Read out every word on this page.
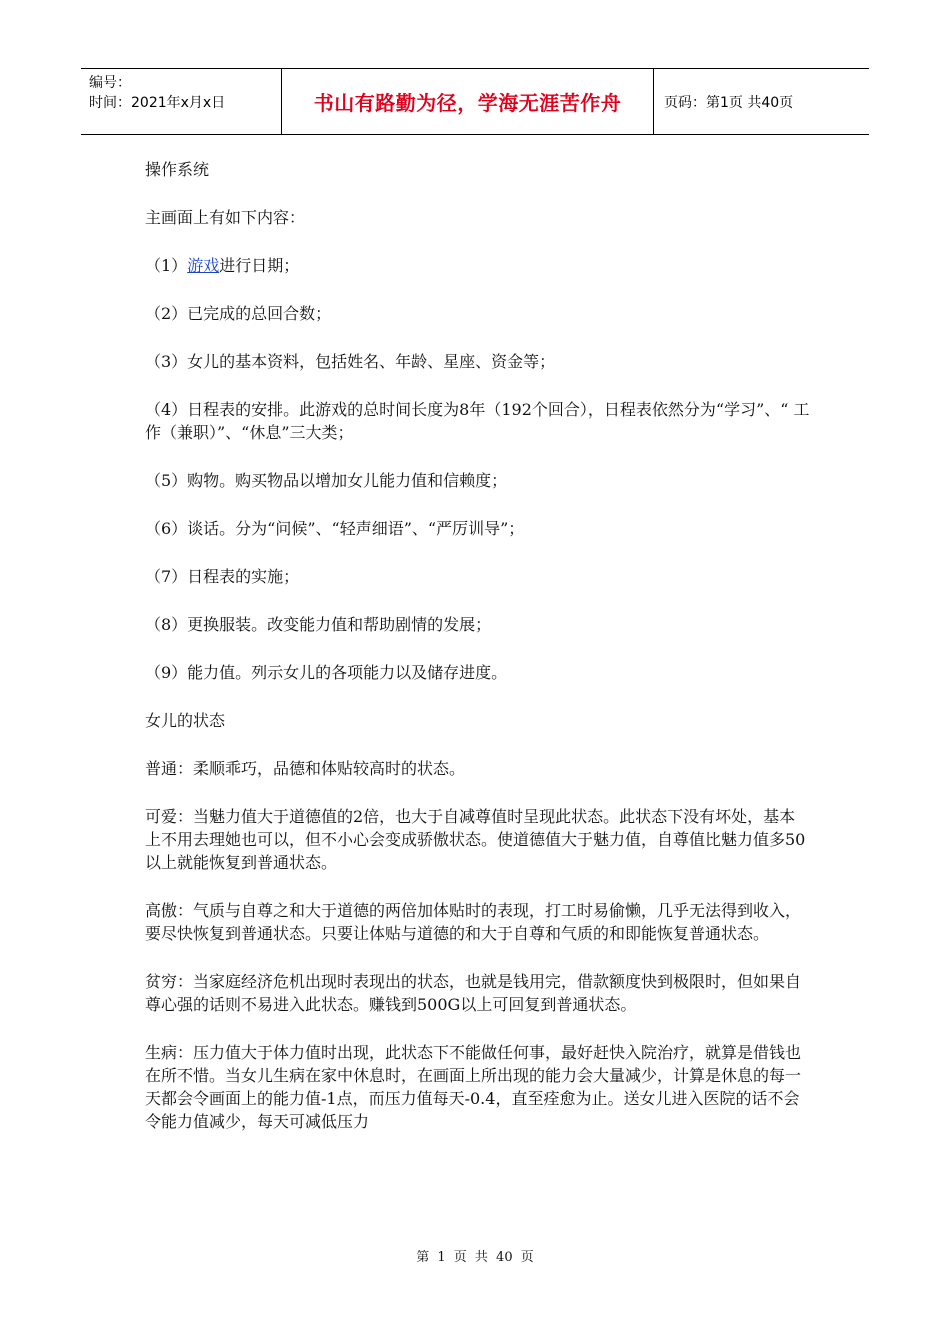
编号：
时间：2021年x月x日	书山有路勤为径，学海无涯苦作舟	页码：第1页 共40页

操作系统

主画面上有如下内容：

（1）游戏进行日期；

（2）已完成的总回合数；

（3）女儿的基本资料，包括姓名、年龄、星座、资金等；

（4）日程表的安排。此游戏的总时间长度为8年（192个回合），日程表依然分为“学习”、“ 工作（兼职）”、“休息”三大类；

（5）购物。购买物品以增加女儿能力值和信赖度；

（6）谈话。分为“问候”、“轻声细语”、“严厉训导”；

（7）日程表的实施；

（8）更换服装。改变能力值和帮助剧情的发展；

（9）能力值。列示女儿的各项能力以及储存进度。

女儿的状态

普通：柔顺乖巧，品德和体贴较高时的状态。

可爱：当魅力值大于道德值的2倍，也大于自减尊值时呈现此状态。此状态下没有坏处，基本上不用去理她也可以，但不小心会变成骄傲状态。使道德值大于魅力值，自尊值比魅力值多50以上就能恢复到普通状态。

高傲：气质与自尊之和大于道德的两倍加体贴时的表现，打工时易偷懒，几乎无法得到收入，要尽快恢复到普通状态。只要让体贴与道德的和大于自尊和气质的和即能恢复普通状态。

贫穷：当家庭经济危机出现时表现出的状态，也就是钱用完，借款额度快到极限时，但如果自尊心强的话则不易进入此状态。赚钱到500G以上可回复到普通状态。

生病：压力值大于体力值时出现，此状态下不能做任何事，最好赶快入院治疗，就算是借钱也在所不惜。当女儿生病在家中休息时，在画面上所出现的能力会大量减少，计算是休息的每一天都会令画面上的能力值-1点，而压力值每天-0.4，直至痊愈为止。送女儿进入医院的话不会令能力值减少，每天可减低压力

第 1 页 共 40 页
